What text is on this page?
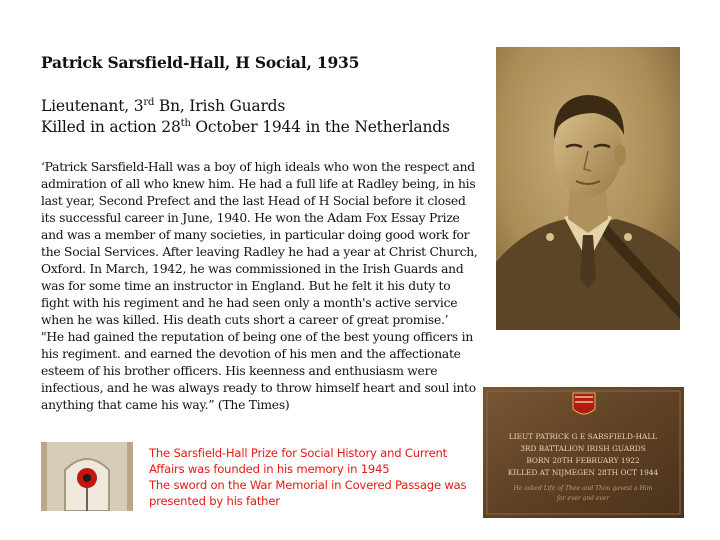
Patrick Sarsfield-Hall, H Social, 1935
Lieutenant, 3rd Bn, Irish Guards
Killed in action 28th October 1944 in the Netherlands

‘Patrick Sarsfield-Hall was a boy of high ideals who won the respect and admiration of all who knew him. He had a full life at Radley being, in his last year, Second Prefect and the last Head of H Social before it closed its successful career in June, 1940. He won the Adam Fox Essay Prize and was a member of many societies, in particular doing good work for the Social Services. After leaving Radley he had a year at Christ Church, Oxford. In March, 1942, he was commissioned in the Irish Guards and was for some time an instructor in England. But he felt it his duty to fight with his regiment and he had seen only a month's active service when he was killed. His death cuts short a career of great promise.’

"He had gained the reputation of being one of the best young officers in his regiment. and earned the devotion of his men and the affectionate esteem of his brother officers. His keenness and enthusiasm were infectious, and he was always ready to throw himself heart and soul into anything that came his way.” (The Times)

The Sarsfield-Hall Prize for Social History and Current Affairs was founded in his memory in 1945

The sword on the War Memorial in Covered Passage was presented by his father

LIEUT PATRICK G E SARSFIELD-HALL
3RD BATTALION IRISH GUARDS
BORN 20TH FEBRUARY 1922
KILLED AT NIJMEGEN 28TH OCT 1944
He asked Life of Thee and Thou gavest a Him
for ever and ever
